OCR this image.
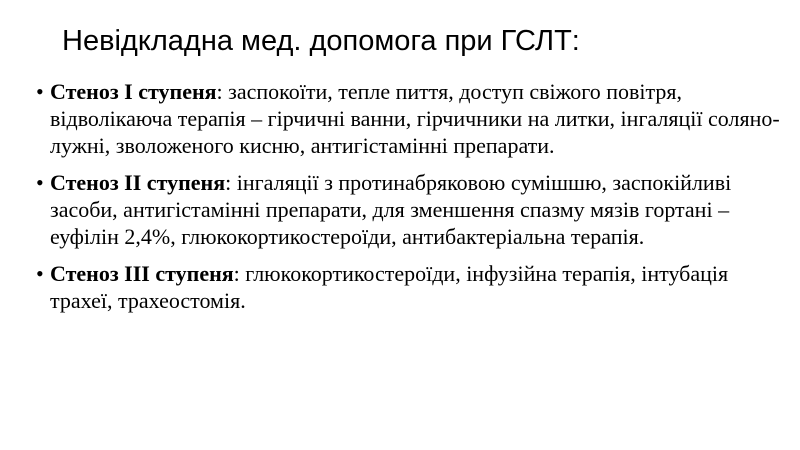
Невідкладна мед. допомога при ГСЛТ:
• Стеноз І ступеня: заспокоїти, тепле пиття, доступ свіжого повітря, відволікаюча терапія – гірчичні ванни, гірчичники на литки, інгаляції соляно-лужні, зволоженого кисню, антигістамінні препарати.
• Стеноз ІІ ступеня: інгаляції з протинабряковою сумішшю, заспокійливі засоби, антигістамінні препарати, для зменшення спазму мязів гортані – еуфілін 2,4%, глюкокортикостероїди, антибактеріальна терапія.
• Стеноз ІІІ ступеня: глюкокортикостероїди, інфузійна терапія, інтубація трахеї, трахеостомія.
